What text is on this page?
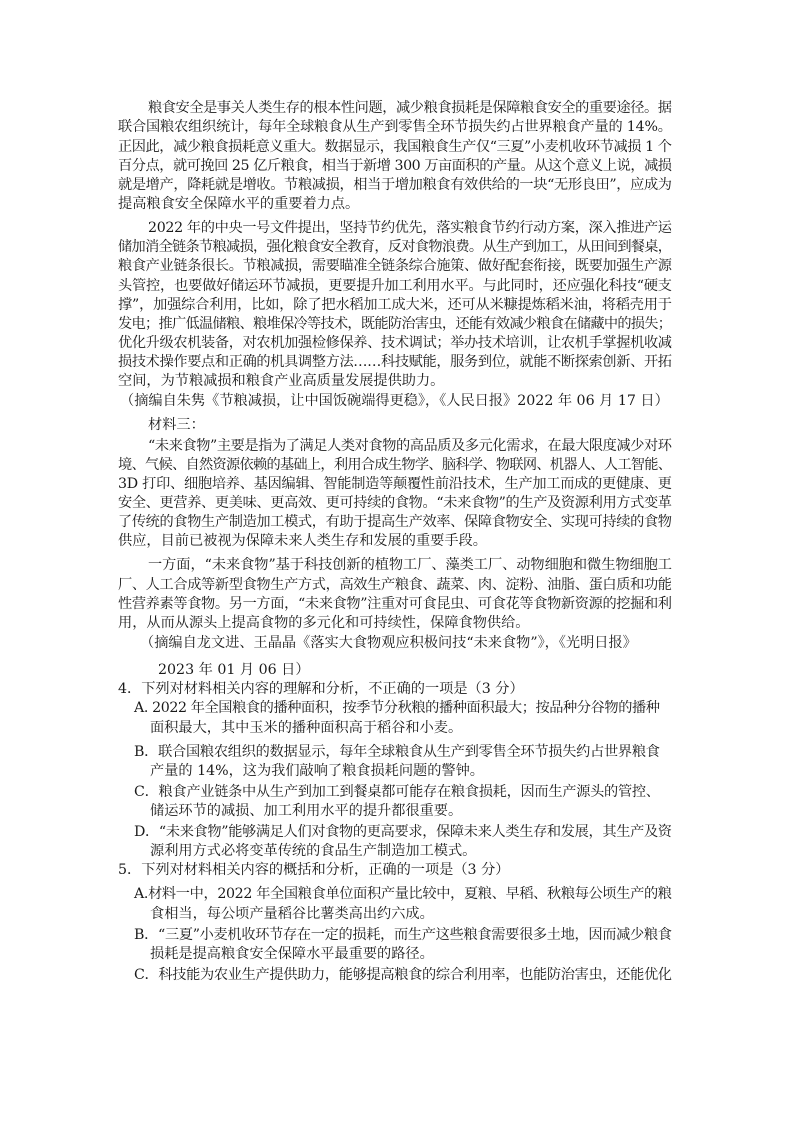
粮食安全是事关人类生存的根本性问题，减少粮食损耗是保障粮食安全的重要途径。据
联合国粮农组织统计，每年全球粮食从生产到零售全环节损失约占世界粮食产量的 14%。
正因此，减少粮食损耗意义重大。数据显示，我国粮食生产仅“三夏”小麦机收环节减损 1 个
百分点，就可挽回 25 亿斤粮食，相当于新增 300 万亩面积的产量。从这个意义上说，减损
就是增产，降耗就是增收。节粮减损，相当于增加粮食有效供给的一块“无形良田”，应成为
提高粮食安全保障水平的重要着力点。
2022 年的中央一号文件提出，坚持节约优先，落实粮食节约行动方案，深入推进产运
储加消全链条节粮减损，强化粮食安全教育，反对食物浪费。从生产到加工，从田间到餐桌，
粮食产业链条很长。节粮减损，需要瞄准全链条综合施策、做好配套衔接，既要加强生产源
头管控，也要做好储运环节减损，更要提升加工利用水平。与此同时，还应强化科技“硬支
撑”，加强综合利用，比如，除了把水稻加工成大米，还可从米糠提炼稻米油，将稻壳用于
发电；推广低温储粮、粮堆保冷等技术，既能防治害虫，还能有效减少粮食在储藏中的损失；
优化升级农机装备，对农机加强检修保养、技术调试；举办技术培训，让农机手掌握机收减
损技术操作要点和正确的机具调整方法……科技赋能，服务到位，就能不断探索创新、开拓
空间，为节粮减损和粮食产业高质量发展提供助力。
（摘编自朱隽《节粮减损，让中国饭碗端得更稳》，《人民日报》2022 年 06 月 17 日）
材料三：
“未来食物”主要是指为了满足人类对食物的高品质及多元化需求，在最大限度减少对环
境、气候、自然资源依赖的基础上，利用合成生物学、脑科学、物联网、机器人、人工智能、
3D 打印、细胞培养、基因编辑、智能制造等颠覆性前沿技术，生产加工而成的更健康、更
安全、更营养、更美味、更高效、更可持续的食物。“未来食物”的生产及资源利用方式变革
了传统的食物生产制造加工模式，有助于提高生产效率、保障食物安全、实现可持续的食物
供应，目前已被视为保障未来人类生存和发展的重要手段。
一方面，“未来食物”基于科技创新的植物工厂、藻类工厂、动物细胞和微生物细胞工
厂、人工合成等新型食物生产方式，高效生产粮食、蔬菜、肉、淀粉、油脂、蛋白质和功能
性营养素等食物。另一方面，“未来食物”注重对可食昆虫、可食花等食物新资源的挖掘和利
用，从而从源头上提高食物的多元化和可持续性，保障食物供给。
（摘编自龙文进、王晶晶《落实大食物观应积极问技“未来食物”》，《光明日报》
2023 年 01 月 06 日）
4．下列对材料相关内容的理解和分析，不正确的一项是（3 分）
A. 2022 年全国粮食的播种面积，按季节分秋粮的播种面积最大；按品种分谷物的播种
面积最大，其中玉米的播种面积高于稻谷和小麦。
B．联合国粮农组织的数据显示，每年全球粮食从生产到零售全环节损失约占世界粮食
产量的 14%，这为我们敲响了粮食损耗问题的警钟。
C．粮食产业链条中从生产到加工到餐桌都可能存在粮食损耗，因而生产源头的管控、
储运环节的减损、加工利用水平的提升都很重要。
D．“未来食物”能够满足人们对食物的更高要求，保障未来人类生存和发展，其生产及资
源利用方式必将变革传统的食品生产制造加工模式。
5．下列对材料相关内容的概括和分析，正确的一项是（3 分）
A.材料一中，2022 年全国粮食单位面积产量比较中，夏粮、早稻、秋粮每公顷生产的粮
食相当，每公顷产量稻谷比薯类高出约六成。
B．“三夏”小麦机收环节存在一定的损耗，而生产这些粮食需要很多土地，因而减少粮食
损耗是提高粮食安全保障水平最重要的路径。
C．科技能为农业生产提供助力，能够提高粮食的综合利用率，也能防治害虫，还能优化
